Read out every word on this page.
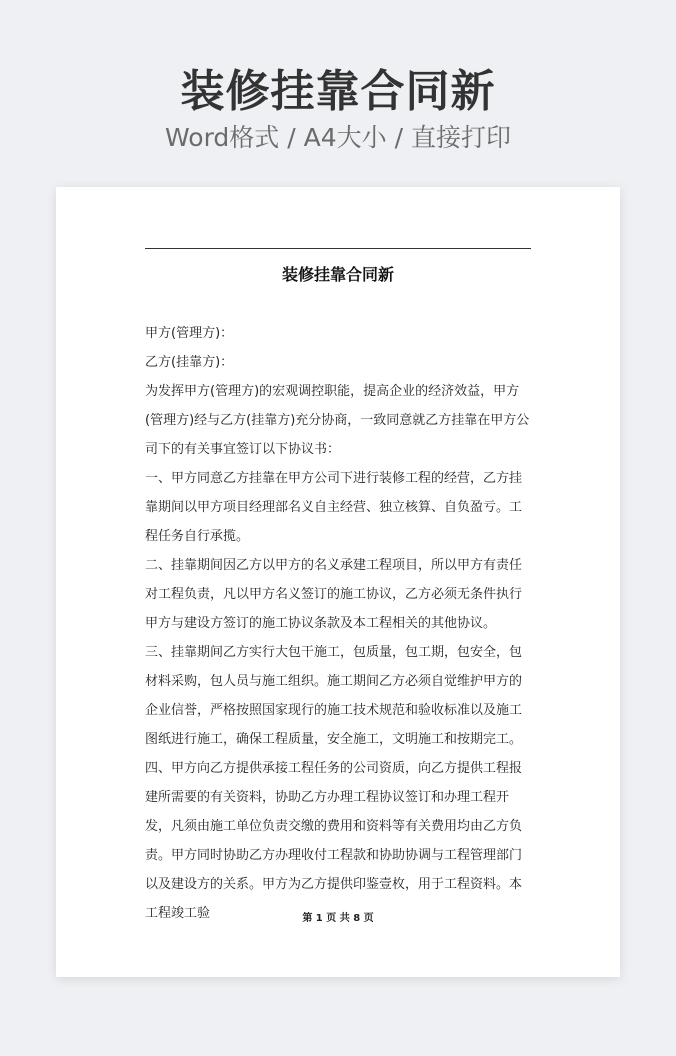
装修挂靠合同新
Word格式 / A4大小 / 直接打印
装修挂靠合同新

甲方(管理方)：

乙方(挂靠方)：

为发挥甲方(管理方)的宏观调控职能，提高企业的经济效益，甲方(管理方)经与乙方(挂靠方)充分协商，一致同意就乙方挂靠在甲方公司下的有关事宜签订以下协议书：

一、甲方同意乙方挂靠在甲方公司下进行装修工程的经营，乙方挂靠期间以甲方项目经理部名义自主经营、独立核算、自负盈亏。工程任务自行承揽。

二、挂靠期间因乙方以甲方的名义承建工程项目，所以甲方有责任对工程负责，凡以甲方名义签订的施工协议，乙方必须无条件执行甲方与建设方签订的施工协议条款及本工程相关的其他协议。

三、挂靠期间乙方实行大包干施工，包质量，包工期，包安全，包材料采购，包人员与施工组织。施工期间乙方必须自觉维护甲方的企业信誉，严格按照国家现行的施工技术规范和验收标准以及施工图纸进行施工，确保工程质量，安全施工，文明施工和按期完工。

四、甲方向乙方提供承接工程任务的公司资质，向乙方提供工程报建所需要的有关资料，协助乙方办理工程协议签订和办理工程开发，凡须由施工单位负责交缴的费用和资料等有关费用均由乙方负责。甲方同时协助乙方办理收付工程款和协助协调与工程管理部门以及建设方的关系。甲方为乙方提供印鉴壹枚，用于工程资料。本工程竣工验	第 1 页 共 8 页
